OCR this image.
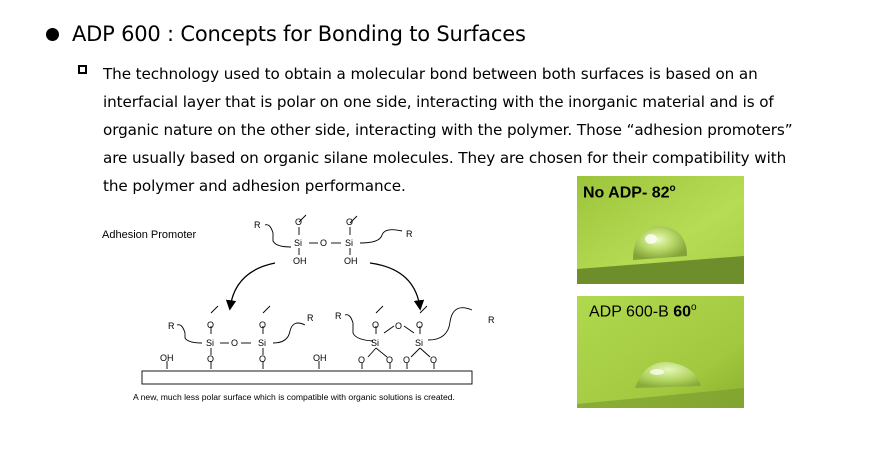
ADP 600 : Concepts for Bonding to Surfaces
The technology used to obtain a molecular bond between both surfaces is based on an interfacial layer that is polar on one side, interacting with the inorganic material and is of organic nature on the other side, interacting with the polymer. Those “adhesion promoters” are usually based on organic silane molecules. They are chosen for their compatibility with the polymer and adhesion performance.
Adhesion Promoter
R	O
Si O
O
Si
OH	OH
R
R	O
Si O
O
Si
O	O
R
OH	OH
R
O
Si
O O
Si
O O O O
R
A new, much less polar surface which is compatible with organic solutions is created.
No ADP- 82$^o$
ADP 600-B 60$^o$
